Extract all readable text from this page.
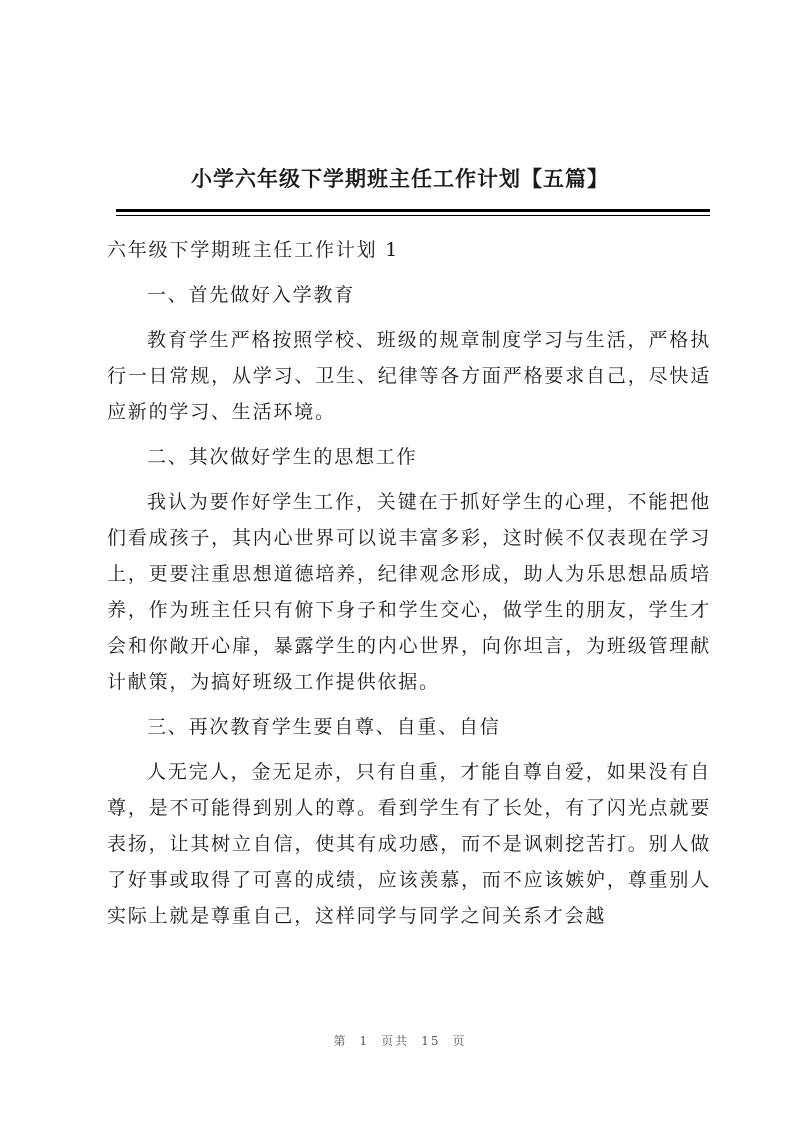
小学六年级下学期班主任工作计划【五篇】

六年级下学期班主任工作计划 1

一、首先做好入学教育

教育学生严格按照学校、班级的规章制度学习与生活，严格执行一日常规，从学习、卫生、纪律等各方面严格要求自己，尽快适应新的学习、生活环境。

二、其次做好学生的思想工作

我认为要作好学生工作，关键在于抓好学生的心理，不能把他们看成孩子，其内心世界可以说丰富多彩，这时候不仅表现在学习上，更要注重思想道德培养，纪律观念形成，助人为乐思想品质培养，作为班主任只有俯下身子和学生交心，做学生的朋友，学生才会和你敞开心扉，暴露学生的内心世界，向你坦言，为班级管理献计献策，为搞好班级工作提供依据。

三、再次教育学生要自尊、自重、自信

人无完人，金无足赤，只有自重，才能自尊自爱，如果没有自尊，是不可能得到别人的尊。看到学生有了长处，有了闪光点就要表扬，让其树立自信，使其有成功感，而不是讽刺挖苦打。别人做了好事或取得了可喜的成绩，应该羡慕，而不应该嫉妒，尊重别人实际上就是尊重自己，这样同学与同学之间关系才会越

第 1 页共 15 页
